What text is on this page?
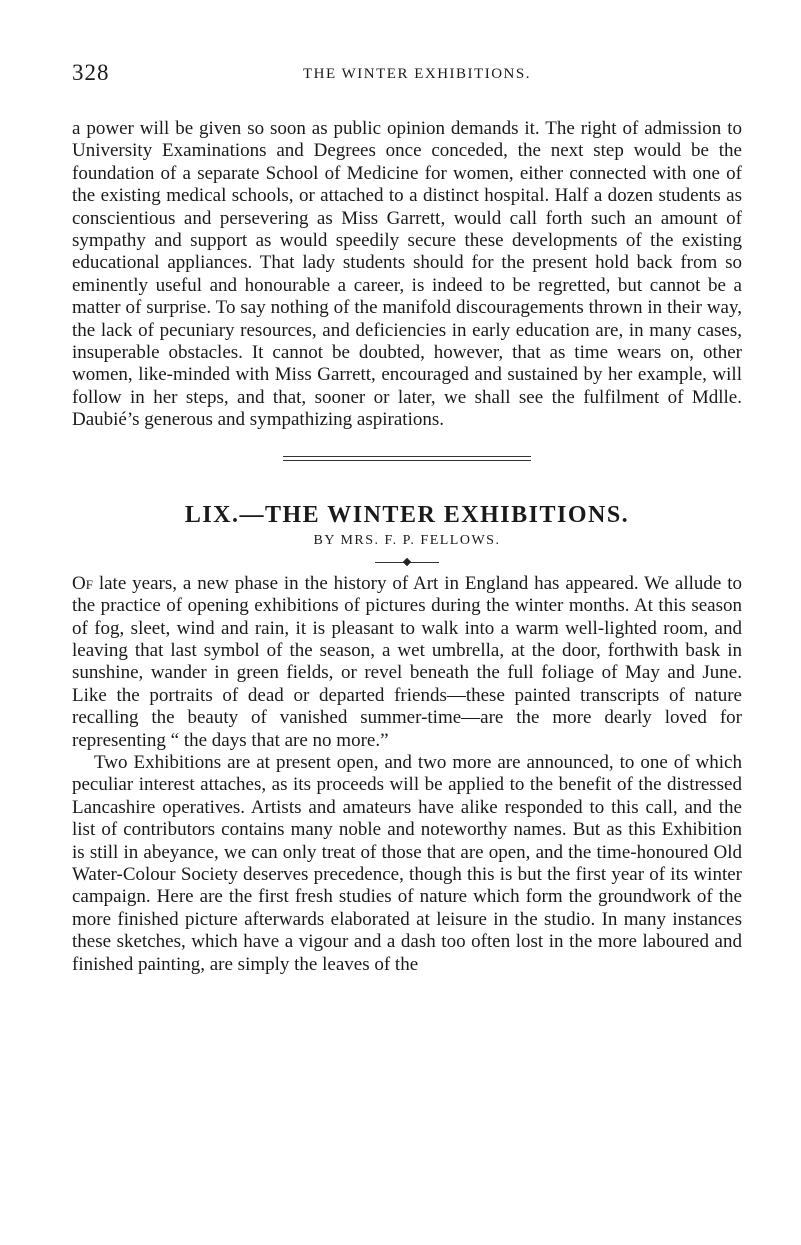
328	THE WINTER EXHIBITIONS.

a power will be given so soon as public opinion demands it. The right of admission to University Examinations and Degrees once conceded, the next step would be the foundation of a separate School of Medicine for women, either connected with one of the existing medical schools, or attached to a distinct hospital. Half a dozen students as conscientious and persevering as Miss Garrett, would call forth such an amount of sympathy and support as would speedily secure these developments of the existing educational appliances. That lady students should for the present hold back from so eminently useful and honourable a career, is indeed to be regretted, but cannot be a matter of surprise. To say nothing of the manifold discouragements thrown in their way, the lack of pecuniary resources, and deficiencies in early education are, in many cases, insuperable obstacles. It cannot be doubted, however, that as time wears on, other women, like-minded with Miss Garrett, encouraged and sustained by her example, will follow in her steps, and that, sooner or later, we shall see the fulfilment of Mdlle. Daubié’s generous and sympathizing aspirations.

LIX.—THE WINTER EXHIBITIONS.
BY MRS. F. P. FELLOWS.

Of late years, a new phase in the history of Art in England has appeared. We allude to the practice of opening exhibitions of pictures during the winter months. At this season of fog, sleet, wind and rain, it is pleasant to walk into a warm well-lighted room, and leaving that last symbol of the season, a wet umbrella, at the door, forthwith bask in sunshine, wander in green fields, or revel beneath the full foliage of May and June. Like the portraits of dead or departed friends—these painted transcripts of nature recalling the beauty of vanished summer-time—are the more dearly loved for representing “ the days that are no more.”

Two Exhibitions are at present open, and two more are announced, to one of which peculiar interest attaches, as its proceeds will be applied to the benefit of the distressed Lancashire operatives. Artists and amateurs have alike responded to this call, and the list of contributors contains many noble and noteworthy names. But as this Exhibition is still in abeyance, we can only treat of those that are open, and the time-honoured Old Water-Colour Society deserves precedence, though this is but the first year of its winter campaign. Here are the first fresh studies of nature which form the groundwork of the more finished picture afterwards elaborated at leisure in the studio. In many instances these sketches, which have a vigour and a dash too often lost in the more laboured and finished painting, are simply the leaves of the
